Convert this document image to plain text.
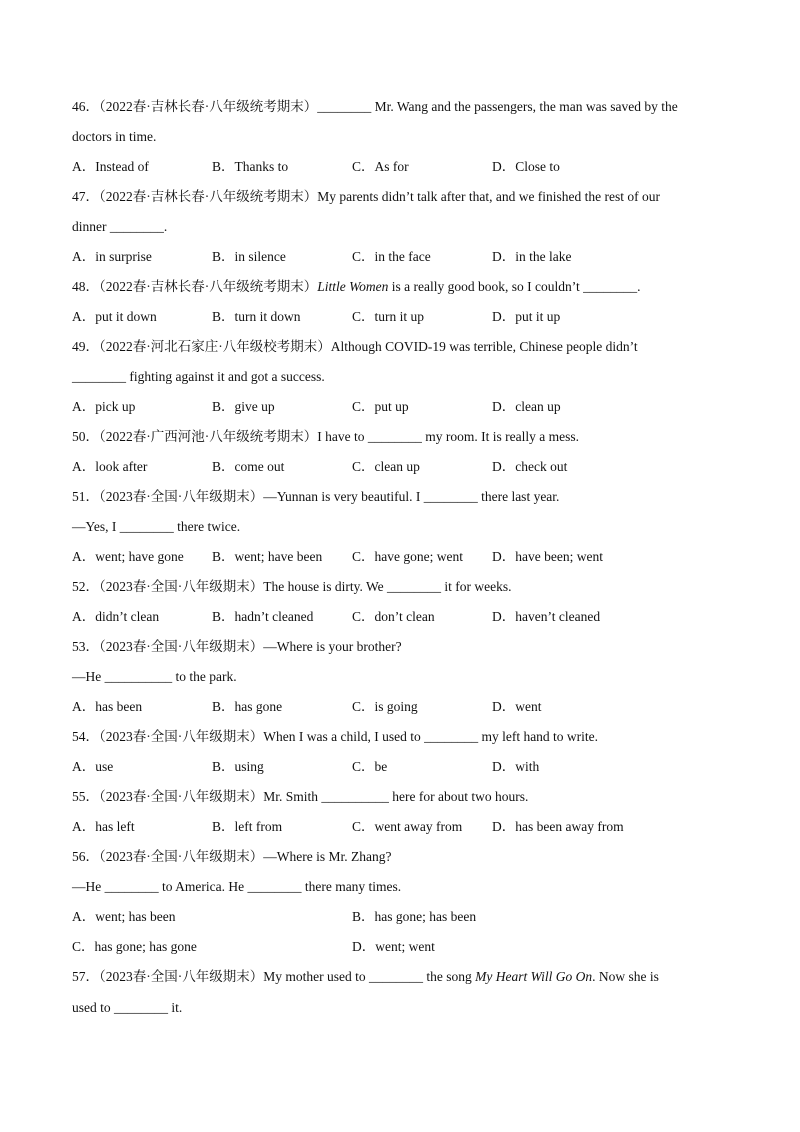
46．（2022春·吉林长春·八年级统考期末）________ Mr. Wang and the passengers, the man was saved by the
doctors in time.
A．Instead of	B．Thanks to	C．As for	D．Close to
47．（2022春·吉林长春·八年级统考期末）My parents didn’t talk after that, and we finished the rest of our
dinner ________.
A．in surprise	B．in silence	C．in the face	D．in the lake
48．（2022春·吉林长春·八年级统考期末）Little Women is a really good book, so I couldn’t ________.
A．put it down	B．turn it down	C．turn it up	D．put it up
49．（2022春·河北石家庄·八年级校考期末）Although COVID-19 was terrible, Chinese people didn’t
________ fighting against it and got a success.
A．pick up	B．give up	C．put up	D．clean up
50．（2022春·广西河池·八年级统考期末）I have to ________ my room. It is really a mess.
A．look after	B．come out	C．clean up	D．check out
51．（2023春·全国·八年级期末）—Yunnan is very beautiful. I ________ there last year.
—Yes, I ________ there twice.
A．went; have gone	B．went; have been	C．have gone; went	D．have been; went
52．（2023春·全国·八年级期末）The house is dirty. We ________ it for weeks.
A．didn’t clean	B．hadn’t cleaned	C．don’t clean	D．haven’t cleaned
53．（2023春·全国·八年级期末）—Where is your brother?
—He __________ to the park.
A．has been	B．has gone	C．is going	D．went
54．（2023春·全国·八年级期末）When I was a child, I used to ________ my left hand to write.
A．use	B．using	C．be	D．with
55．（2023春·全国·八年级期末）Mr. Smith __________ here for about two hours.
A．has left	B．left from	C．went away from	D．has been away from
56．（2023春·全国·八年级期末）—Where is Mr. Zhang?
—He ________ to America. He ________ there many times.
A．went; has been	B．has gone; has been
C．has gone; has gone	D．went; went
57．（2023春·全国·八年级期末）My mother used to ________ the song My Heart Will Go On. Now she is
used to ________ it.
